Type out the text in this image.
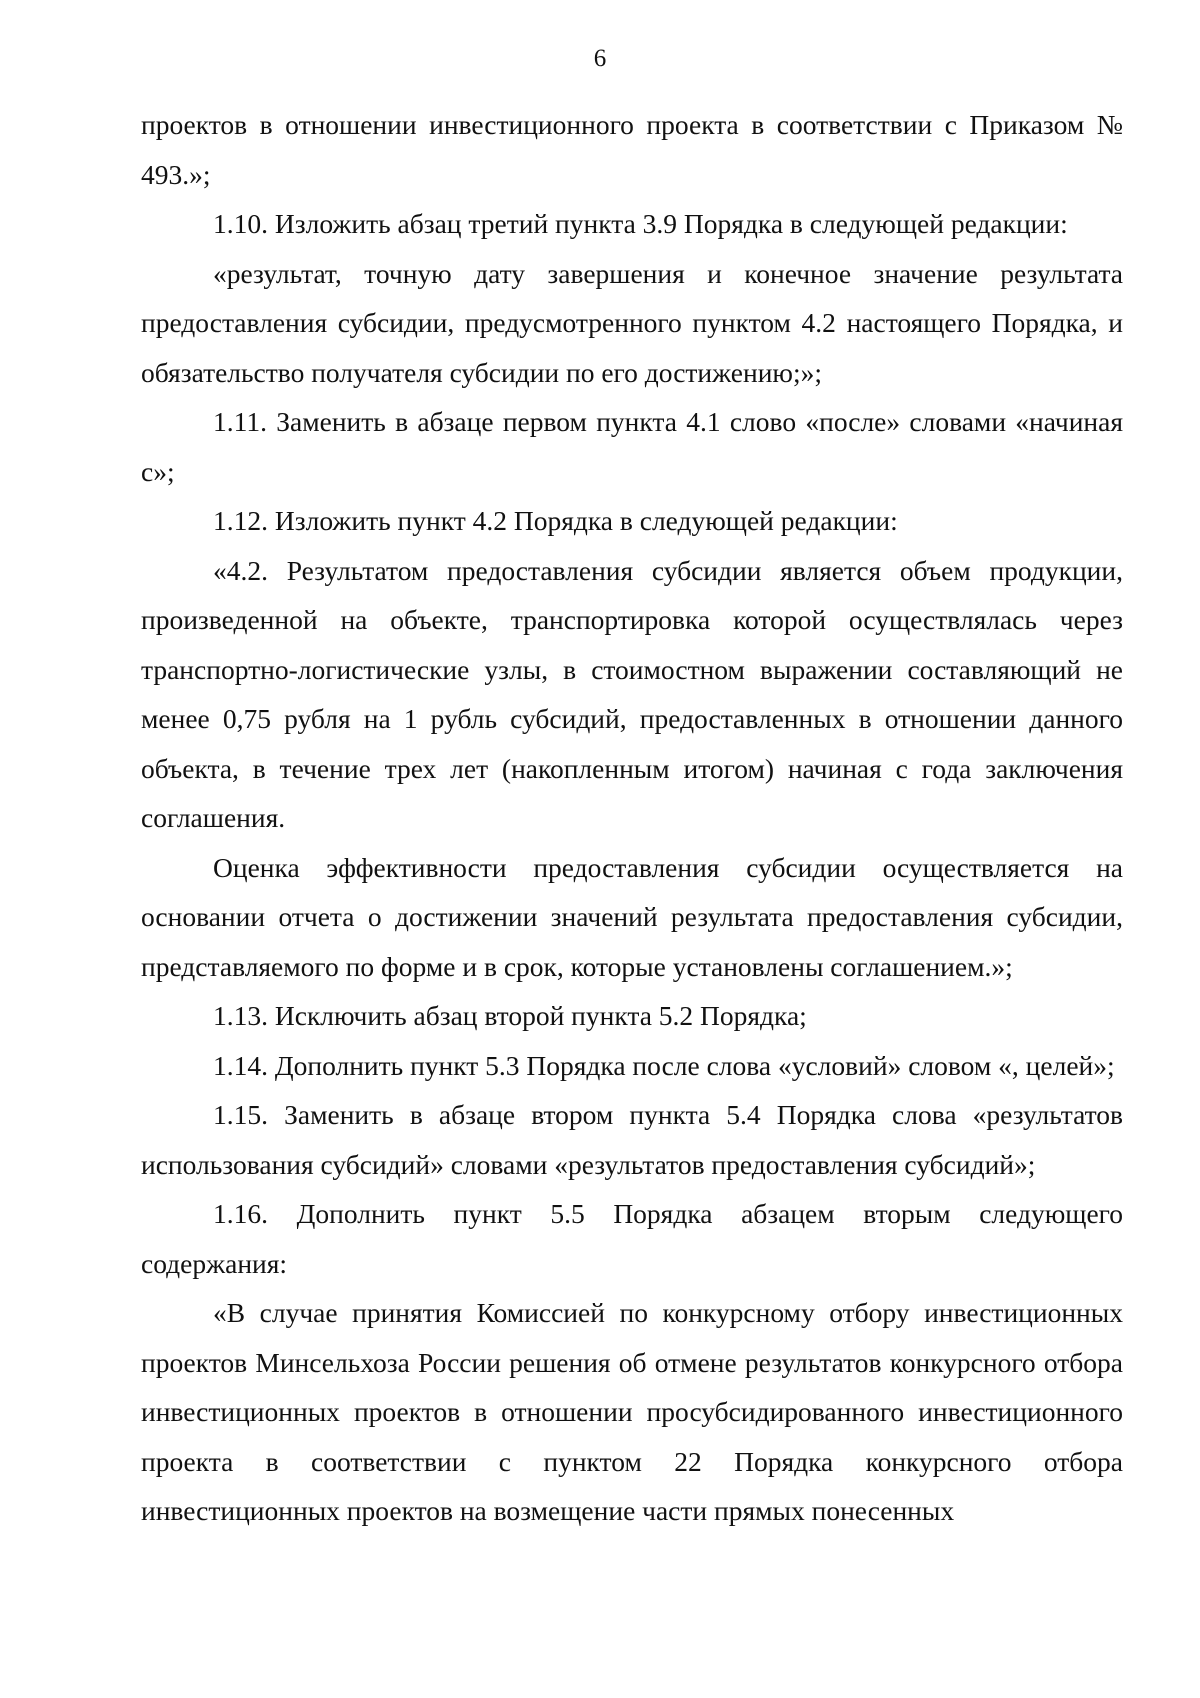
6

проектов в отношении инвестиционного проекта в соответствии с Приказом № 493.»;

1.10. Изложить абзац третий пункта 3.9 Порядка в следующей редакции:

«результат, точную дату завершения и конечное значение результата предоставления субсидии, предусмотренного пунктом 4.2 настоящего Порядка, и обязательство получателя субсидии по его достижению;»;

1.11. Заменить в абзаце первом пункта 4.1 слово «после» словами «начиная с»;

1.12. Изложить пункт 4.2 Порядка в следующей редакции:

«4.2. Результатом предоставления субсидии является объем продукции, произведенной на объекте, транспортировка которой осуществлялась через транспортно-логистические узлы, в стоимостном выражении составляющий не менее 0,75 рубля на 1 рубль субсидий, предоставленных в отношении данного объекта, в течение трех лет (накопленным итогом) начиная с года заключения соглашения.

Оценка эффективности предоставления субсидии осуществляется на основании отчета о достижении значений результата предоставления субсидии, представляемого по форме и в срок, которые установлены соглашением.»;

1.13. Исключить абзац второй пункта 5.2 Порядка;

1.14. Дополнить пункт 5.3 Порядка после слова «условий» словом «, целей»;

1.15. Заменить в абзаце втором пункта 5.4 Порядка слова «результатов использования субсидий» словами «результатов предоставления субсидий»;

1.16. Дополнить пункт 5.5 Порядка абзацем вторым следующего содержания:

«В случае принятия Комиссией по конкурсному отбору инвестиционных проектов Минсельхоза России решения об отмене результатов конкурсного отбора инвестиционных проектов в отношении просубсидированного инвестиционного проекта в соответствии с пунктом 22 Порядка конкурсного отбора инвестиционных проектов на возмещение части прямых понесенных
